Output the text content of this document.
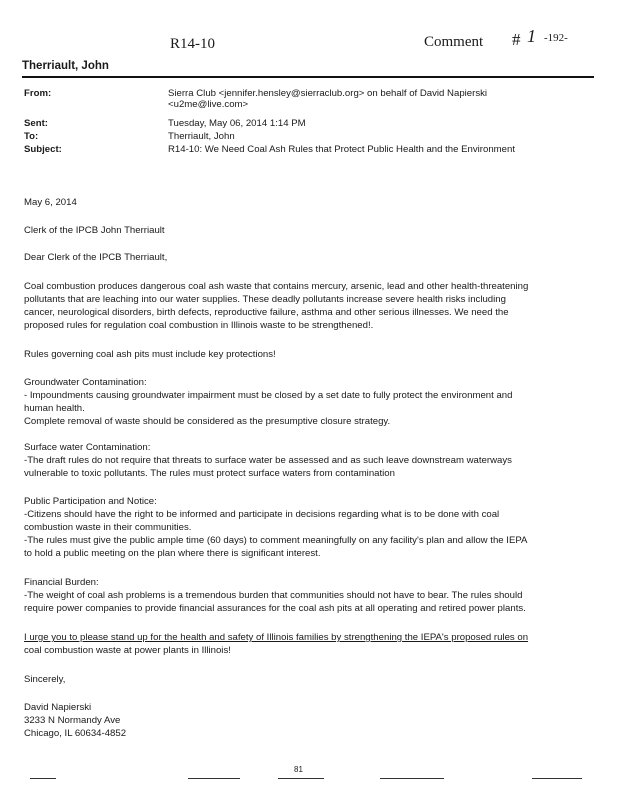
R14-10	Comment # 1 -192-
Therriault, John
From:	Sierra Club <jennifer.hensley@sierraclub.org> on behalf of David Napierski <u2me@live.com>
Sent:	Tuesday, May 06, 2014 1:14 PM
To:	Therriault, John
Subject:	R14-10: We Need Coal Ash Rules that Protect Public Health and the Environment
May 6, 2014
Clerk of the IPCB John Therriault
Dear Clerk of the IPCB Therriault,
Coal combustion produces dangerous coal ash waste that contains mercury, arsenic, lead and other health-threatening
pollutants that are leaching into our water supplies. These deadly pollutants increase severe health risks including
cancer, neurological disorders, birth defects, reproductive failure, asthma and other serious illnesses. We need the
proposed rules for regulation coal combustion in Illinois waste to be strengthened!.
Rules governing coal ash pits must include key protections!
Groundwater Contamination:
- Impoundments causing groundwater impairment must be closed by a set date to fully protect the environment and
human health.
Complete removal of waste should be considered as the presumptive closure strategy.
Surface water Contamination:
-The draft rules do not require that threats to surface water be assessed and as such leave downstream waterways
vulnerable to toxic pollutants. The rules must protect surface waters from contamination
Public Participation and Notice:
-Citizens should have the right to be informed and participate in decisions regarding what is to be done with coal
combustion waste in their communities.
-The rules must give the public ample time (60 days) to comment meaningfully on any facility's plan and allow the IEPA
to hold a public meeting on the plan where there is significant interest.
Financial Burden:
-The weight of coal ash problems is a tremendous burden that communities should not have to bear. The rules should
require power companies to provide financial assurances for the coal ash pits at all operating and retired power plants.
I urge you to please stand up for the health and safety of Illinois families by strengthening the IEPA's proposed rules on
coal combustion waste at power plants in Illinois!
Sincerely,
David Napierski
3233 N Normandy Ave
Chicago, IL 60634-4852
81
